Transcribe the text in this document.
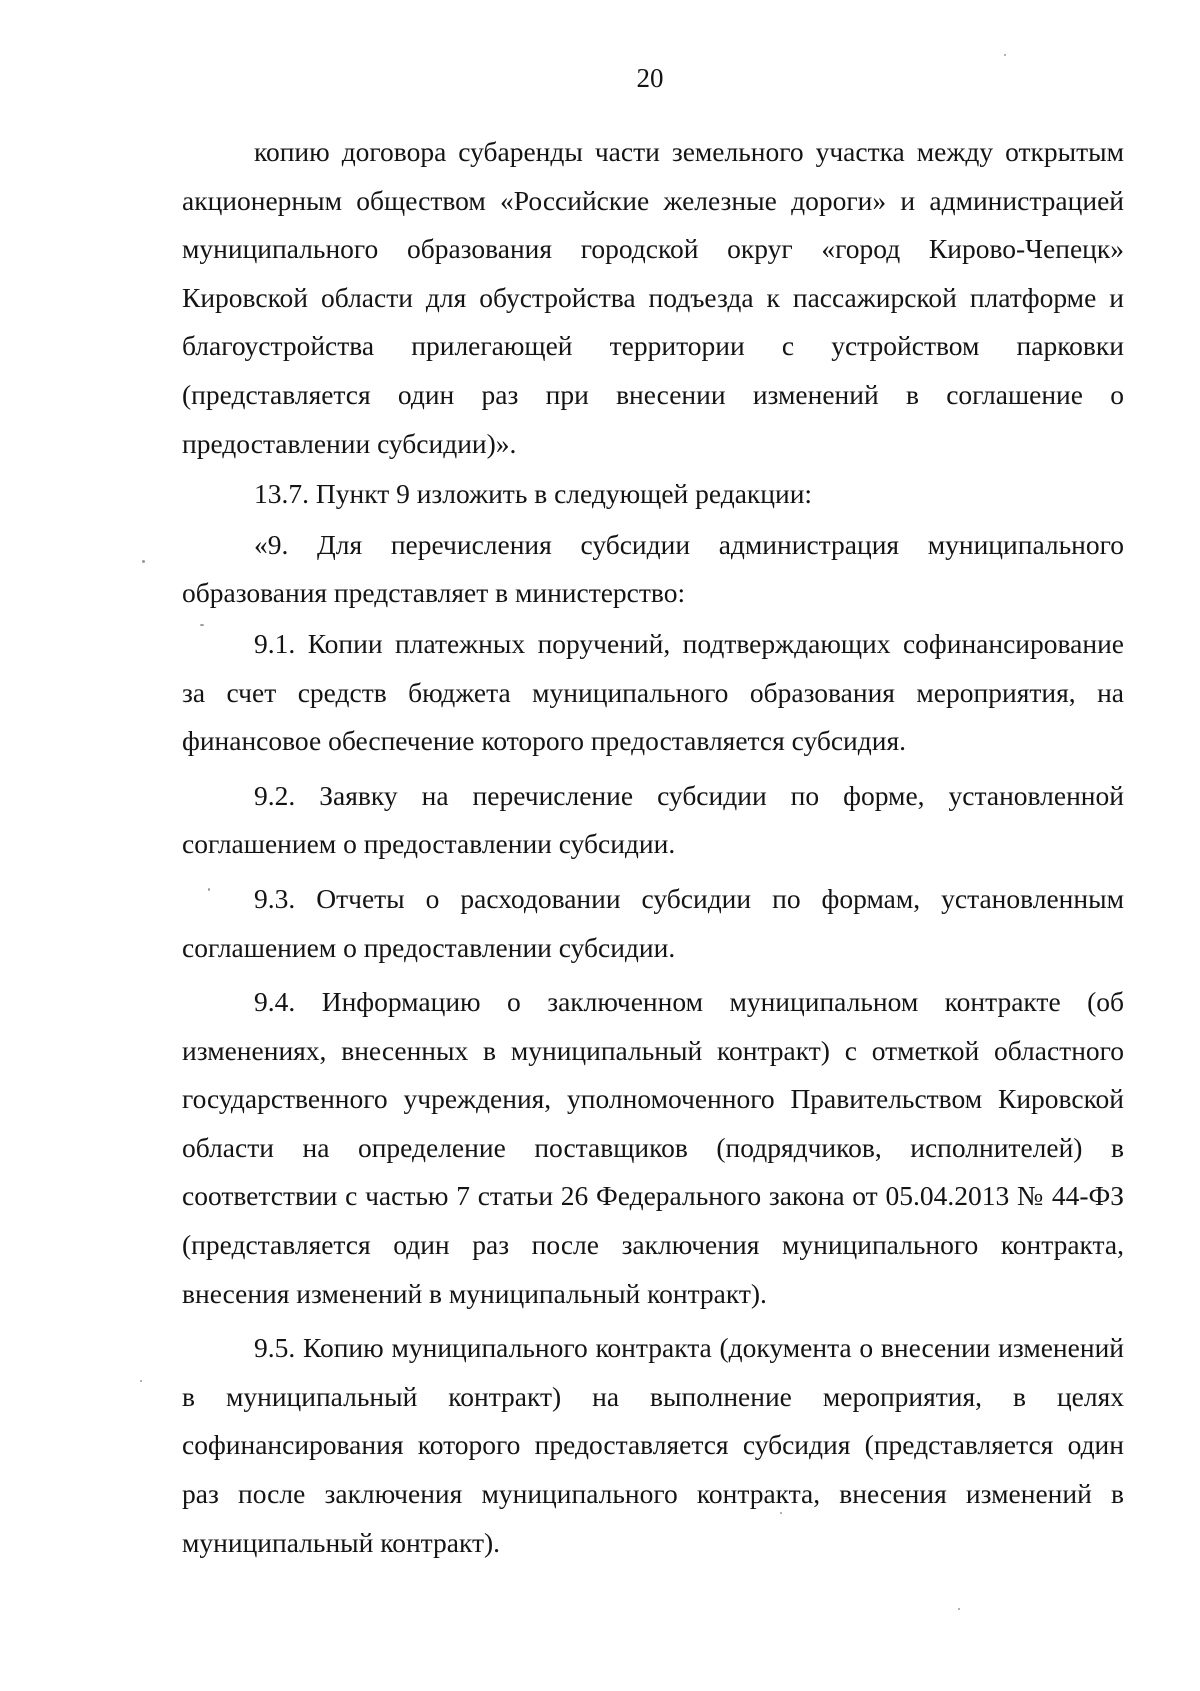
20

копию договора субаренды части земельного участка между открытым акционерным обществом «Российские железные дороги» и администрацией муниципального образования городской округ «город Кирово-Чепецк» Кировской области для обустройства подъезда к пассажирской платформе и благоустройства прилегающей территории с устройством парковки (представляется один раз при внесении изменений в соглашение о предоставлении субсидии)».

13.7. Пункт 9 изложить в следующей редакции:

«9. Для перечисления субсидии администрация муниципального образования представляет в министерство:

9.1. Копии платежных поручений, подтверждающих софинансирование за счет средств бюджета муниципального образования мероприятия, на финансовое обеспечение которого предоставляется субсидия.

9.2. Заявку на перечисление субсидии по форме, установленной соглашением о предоставлении субсидии.

9.3. Отчеты о расходовании субсидии по формам, установленным соглашением о предоставлении субсидии.

9.4. Информацию о заключенном муниципальном контракте (об изменениях, внесенных в муниципальный контракт) с отметкой областного государственного учреждения, уполномоченного Правительством Кировской области на определение поставщиков (подрядчиков, исполнителей) в соответствии с частью 7 статьи 26 Федерального закона от 05.04.2013 № 44-ФЗ (представляется один раз после заключения муниципального контракта, внесения изменений в муниципальный контракт).

9.5. Копию муниципального контракта (документа о внесении изменений в муниципальный контракт) на выполнение мероприятия, в целях софинансирования которого предоставляется субсидия (представляется один раз после заключения муниципального контракта, внесения изменений в муниципальный контракт).
